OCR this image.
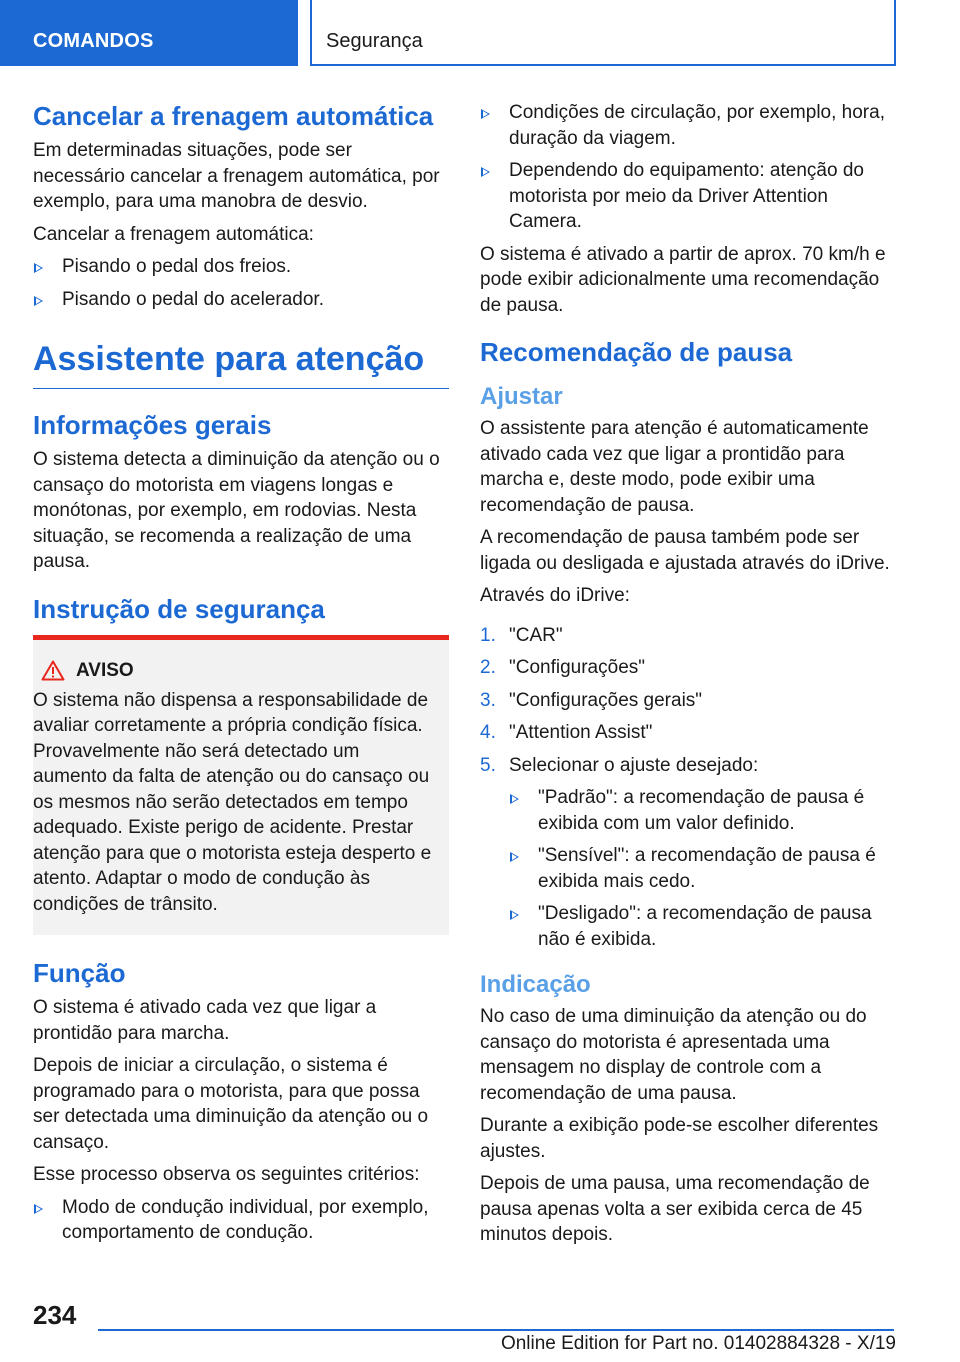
COMANDOS	Segurança
Cancelar a frenagem automática

Em determinadas situações, pode ser necessário cancelar a frenagem automática, por exemplo, para uma manobra de desvio.

Cancelar a frenagem automática:

Pisando o pedal dos freios.
Pisando o pedal do acelerador.
Assistente para atenção
Informações gerais

O sistema detecta a diminuição da atenção ou o cansaço do motorista em viagens longas e monótonas, por exemplo, em rodovias. Nesta situação, se recomenda a realização de uma pausa.

Instrução de segurança
AVISO

O sistema não dispensa a responsabilidade de avaliar corretamente a própria condição física. Provavelmente não será detectado um aumento da falta de atenção ou do cansaço ou os mesmos não serão detectados em tempo adequado. Existe perigo de acidente. Prestar atenção para que o motorista esteja desperto e atento. Adaptar o modo de condução às condições de trânsito.

Função

O sistema é ativado cada vez que ligar a prontidão para marcha.

Depois de iniciar a circulação, o sistema é programado para o motorista, para que possa ser detectada uma diminuição da atenção ou o cansaço.

Esse processo observa os seguintes critérios:

Modo de condução individual, por exemplo, comportamento de condução.
Condições de circulação, por exemplo, hora, duração da viagem.
Dependendo do equipamento: atenção do motorista por meio da Driver Attention Camera.

O sistema é ativado a partir de aprox. 70 km/h e pode exibir adicionalmente uma recomendação de pausa.

Recomendação de pausa
Ajustar

O assistente para atenção é automaticamente ativado cada vez que ligar a prontidão para marcha e, deste modo, pode exibir uma recomendação de pausa.

A recomendação de pausa também pode ser ligada ou desligada e ajustada através do iDrive.

Através do iDrive:

1. "CAR"
2. "Configurações"
3. "Configurações gerais"
4. "Attention Assist"
5. Selecionar o ajuste desejado:
"Padrão": a recomendação de pausa é exibida com um valor definido.
"Sensível": a recomendação de pausa é exibida mais cedo.
"Desligado": a recomendação de pausa não é exibida.
Indicação

No caso de uma diminuição da atenção ou do cansaço do motorista é apresentada uma mensagem no display de controle com a recomendação de uma pausa.

Durante a exibição pode-se escolher diferentes ajustes.

Depois de uma pausa, uma recomendação de pausa apenas volta a ser exibida cerca de 45 minutos depois.

234
Online Edition for Part no. 01402884328 - X/19
